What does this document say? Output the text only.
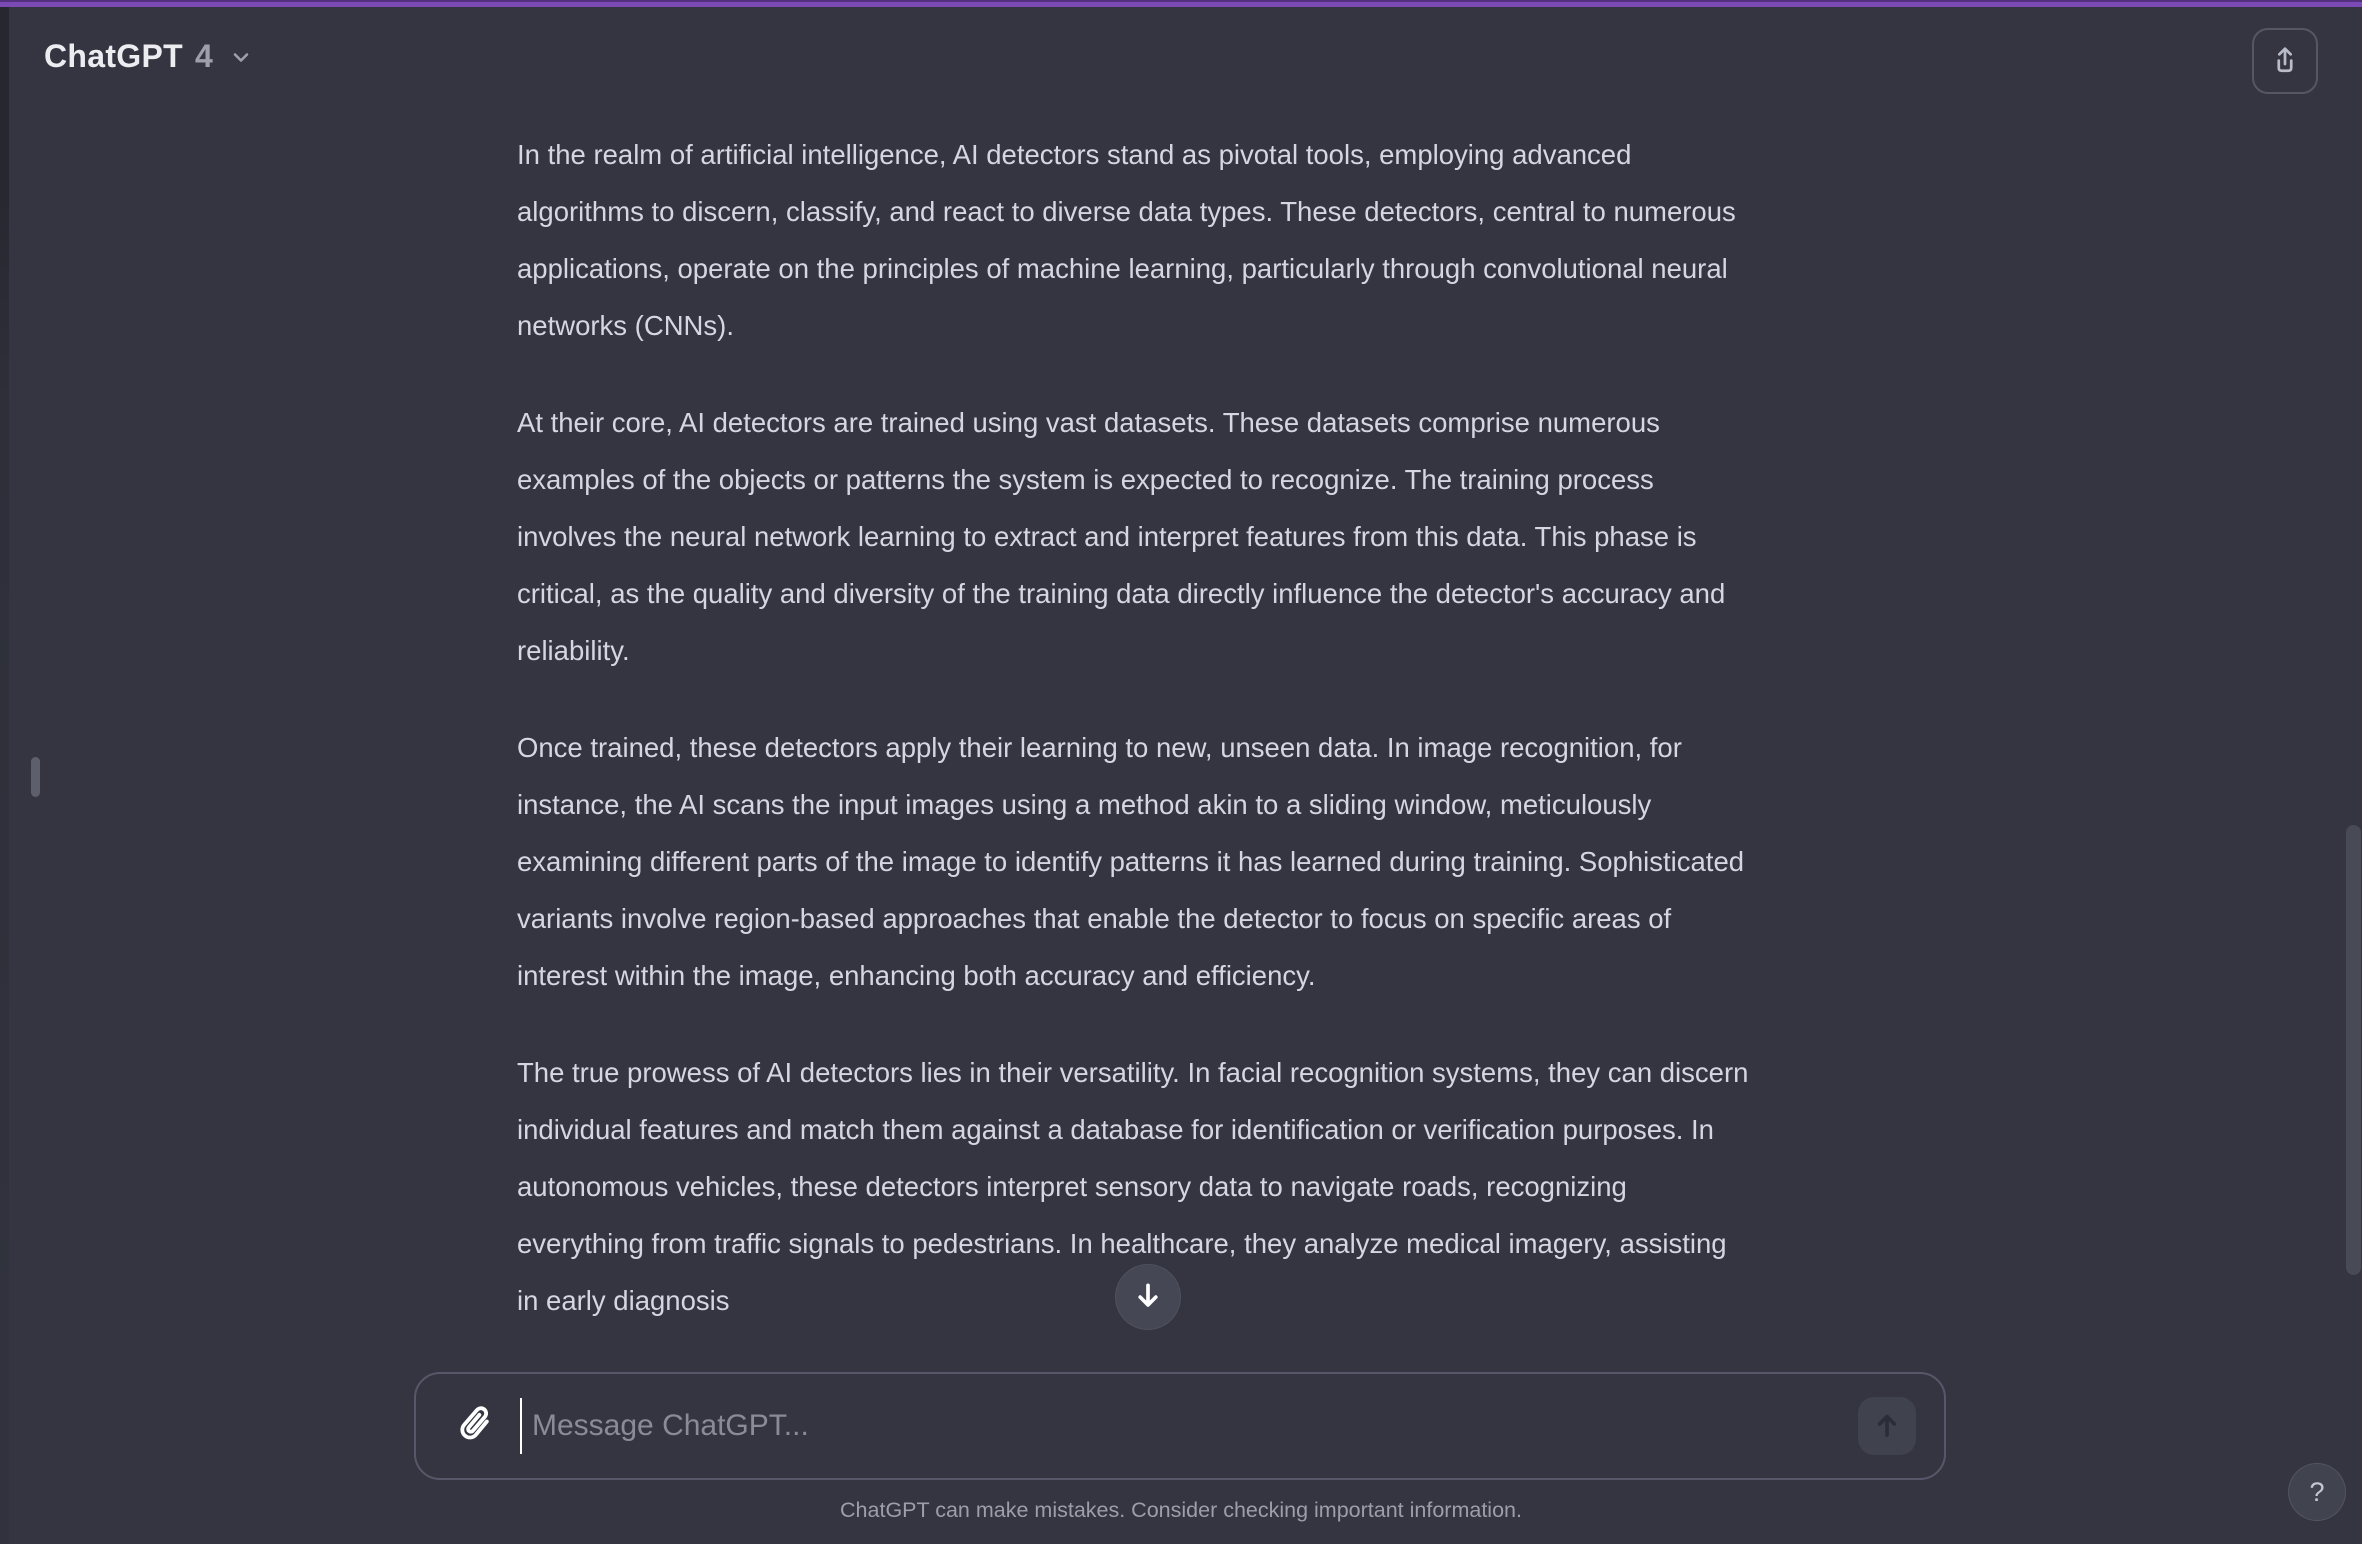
ChatGPT 4

In the realm of artificial intelligence, AI detectors stand as pivotal tools, employing advanced algorithms to discern, classify, and react to diverse data types. These detectors, central to numerous applications, operate on the principles of machine learning, particularly through convolutional neural networks (CNNs).

At their core, AI detectors are trained using vast datasets. These datasets comprise numerous examples of the objects or patterns the system is expected to recognize. The training process involves the neural network learning to extract and interpret features from this data. This phase is critical, as the quality and diversity of the training data directly influence the detector's accuracy and reliability.

Once trained, these detectors apply their learning to new, unseen data. In image recognition, for instance, the AI scans the input images using a method akin to a sliding window, meticulously examining different parts of the image to identify patterns it has learned during training. Sophisticated variants involve region-based approaches that enable the detector to focus on specific areas of interest within the image, enhancing both accuracy and efficiency.

The true prowess of AI detectors lies in their versatility. In facial recognition systems, they can discern individual features and match them against a database for identification or verification purposes. In autonomous vehicles, these detectors interpret sensory data to navigate roads, recognizing everything from traffic signals to pedestrians. In healthcare, they analyze medical imagery, assisting in early diagnosis

Message ChatGPT...
ChatGPT can make mistakes. Consider checking important information.
?
